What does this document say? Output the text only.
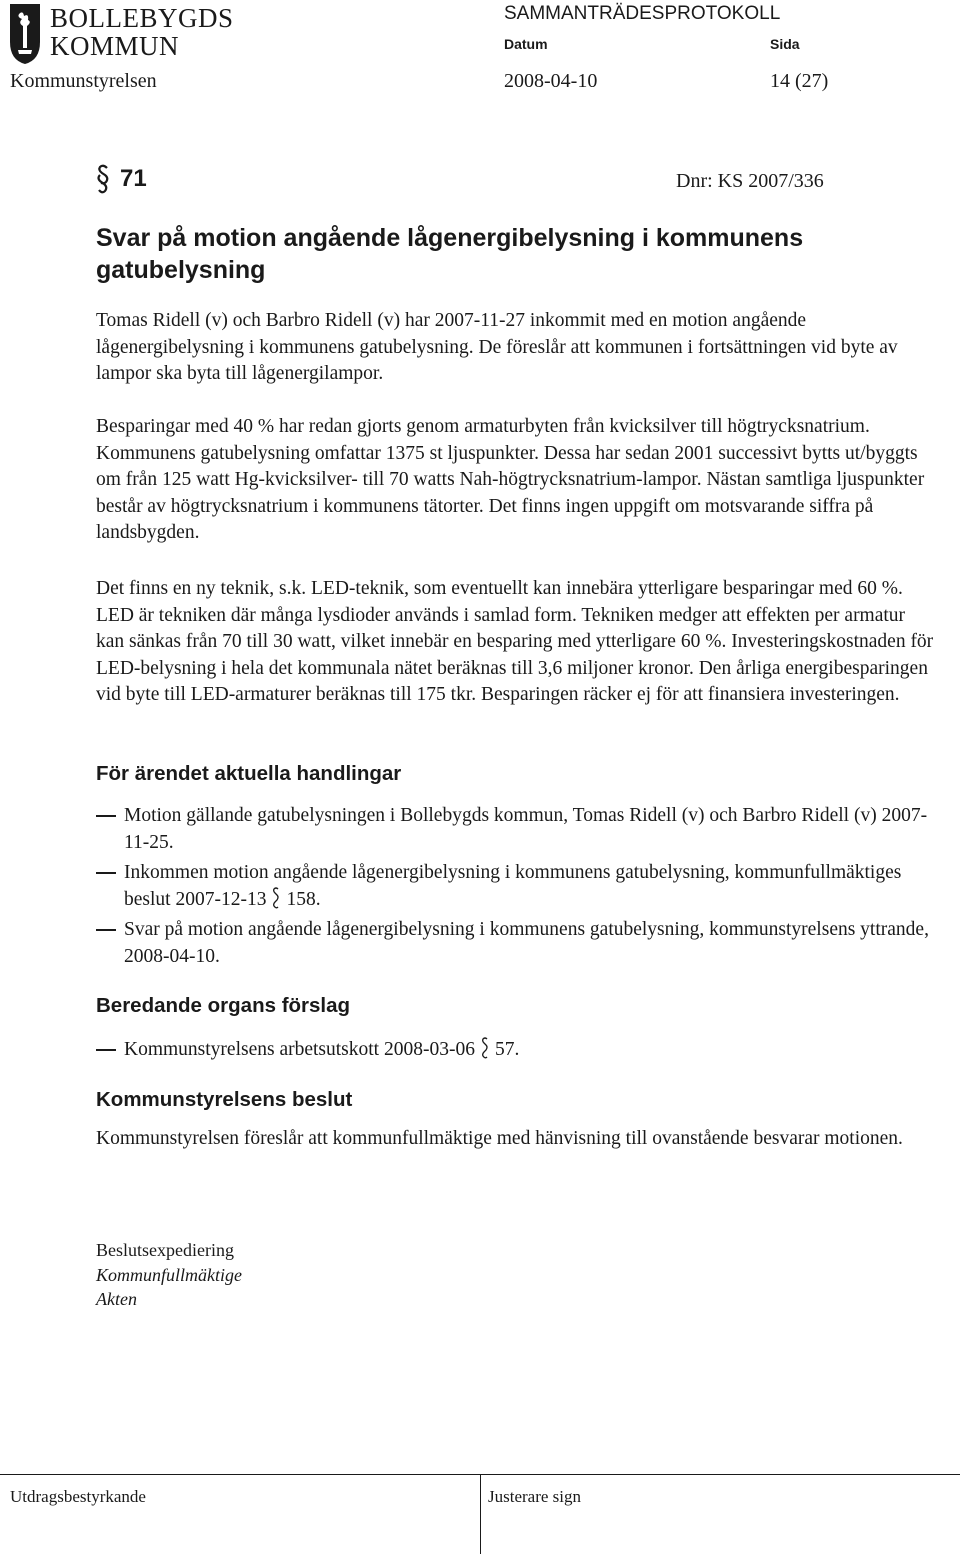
BOLLEBYGDS
KOMMUN
SAMMANTRÄDESPROTOKOLL
Datum	Sida
Kommunstyrelsen	2008-04-10	14 (27)
71	Dnr: KS 2007/336
Svar på motion angående lågenergibelysning i kommunens gatubelysning

Tomas Ridell (v) och Barbro Ridell (v) har 2007-11-27 inkommit med en motion angående lågenergibelysning i kommunens gatubelysning. De föreslår att kommunen i fortsättningen vid byte av lampor ska byta till lågenergilampor.

Besparingar med 40 % har redan gjorts genom armaturbyten från kvicksilver till högtrycksnatrium. Kommunens gatubelysning omfattar 1375 st ljuspunkter. Dessa har sedan 2001 successivt bytts ut/byggts om från 125 watt Hg-kvicksilver- till 70 watts Nah-högtrycksnatrium-lampor. Nästan samtliga ljuspunkter består av högtrycksnatrium i kommunens tätorter. Det finns ingen uppgift om motsvarande siffra på landsbygden.

Det finns en ny teknik, s.k. LED-teknik, som eventuellt kan innebära ytterligare besparingar med 60 %. LED är tekniken där många lysdioder används i samlad form. Tekniken medger att effekten per armatur kan sänkas från 70 till 30 watt, vilket innebär en besparing med ytterligare 60 %. Investeringskostnaden för LED-belysning i hela det kommunala nätet beräknas till 3,6 miljoner kronor. Den årliga energibesparingen vid byte till LED-armaturer beräknas till 175 tkr. Besparingen räcker ej för att finansiera investeringen.

För ärendet aktuella handlingar
Motion gällande gatubelysningen i Bollebygds kommun, Tomas Ridell (v) och Barbro Ridell (v) 2007-11-25.
Inkommen motion angående lågenergibelysning i kommunens gatubelysning, kommunfullmäktiges beslut 2007-12-13 158.
Svar på motion angående lågenergibelysning i kommunens gatubelysning, kommunstyrelsens yttrande, 2008-04-10.
Beredande organs förslag
Kommunstyrelsens arbetsutskott 2008-03-06 57.
Kommunstyrelsens beslut

Kommunstyrelsen föreslår att kommunfullmäktige med hänvisning till ovanstående besvarar motionen.

Beslutsexpediering
Kommunfullmäktige
Akten
Utdragsbestyrkande	Justerare sign
